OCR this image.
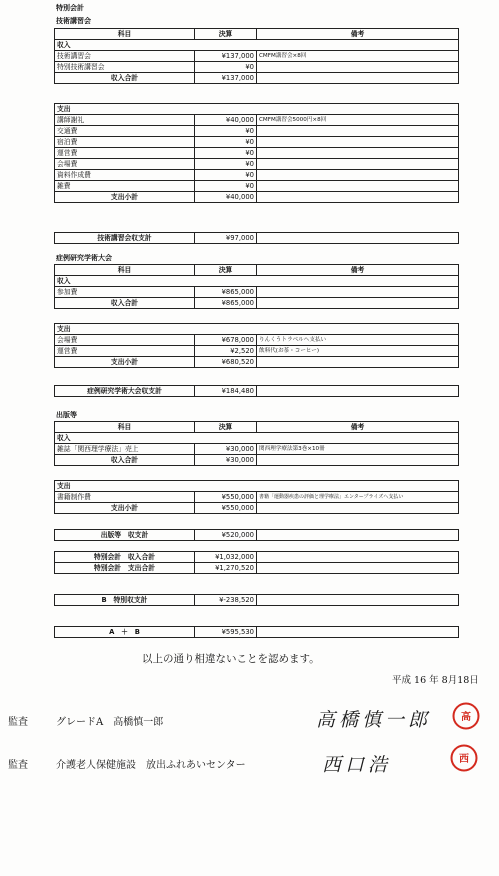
特別会計
技術講習会
科目	決算	備考
収入		
技術講習会	¥137,000	CMFM講習会×8回
特別技術講習会	¥0	
収入合計	¥137,000	
支出		
講師謝礼	¥40,000	CMFM講習会5000円×8回
交通費	¥0	
宿泊費	¥0	
運営費	¥0	
会場費	¥0	
資料作成費	¥0	
雑費	¥0	
支出小計	¥40,000	
技術講習会収支計	¥97,000	
症例研究学術大会
科目	決算	備考
収入		
参加費	¥865,000	
収入合計	¥865,000	
支出		
会場費	¥678,000	りんくうトラベルへ支払い
運営費	¥2,520	飲料代(お茶・コーヒー)
支出小計	¥680,520	
症例研究学術大会収支計	¥184,480	
出版等
科目	決算	備考
収入		
雑誌「関西理学療法」売上	¥30,000	関西理学療法第3巻×10冊
収入合計	¥30,000	
支出		
書籍制作費	¥550,000	書籍「運動器疾患の評価と理学療法」エンタープライズへ支払い
支出小計	¥550,000	
出版等　収支計	¥520,000	
特別会計　収入合計	¥1,032,000	
特別会計　支出合計	¥1,270,520	
B　特別収支計	¥-238,520	
A　＋　B	¥595,530	
以上の通り相違ないことを認めます。
平成 16 年 8月18日
監査	グレードA　高橋慎一郎	高橋慎一郎	高
監査	介護老人保健施設　放出ふれあいセンター	西口浩	西
